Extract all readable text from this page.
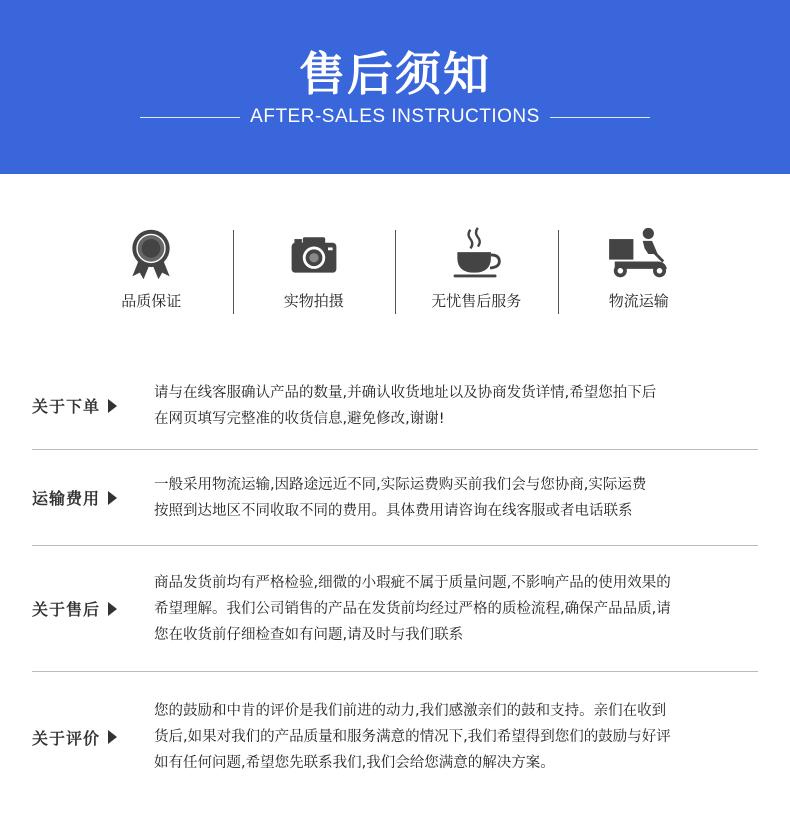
售后须知
AFTER-SALES INSTRUCTIONS
品质保证	实物拍摄	无忧售后服务	物流运输
关于下单
请与在线客服确认产品的数量,并确认收货地址以及协商发货详情,希望您拍下后
在网页填写完整准的收货信息,避免修改,谢谢!
运输费用
一般采用物流运输,因路途远近不同,实际运费购买前我们会与您协商,实际运费
按照到达地区不同收取不同的费用。具体费用请咨询在线客服或者电话联系
关于售后
商品发货前均有严格检验,细微的小瑕疵不属于质量问题,不影响产品的使用效果的
希望理解。我们公司销售的产品在发货前均经过严格的质检流程,确保产品品质,请
您在收货前仔细检查如有问题,请及时与我们联系
关于评价
您的鼓励和中肯的评价是我们前进的动力,我们感激亲们的鼓和支持。亲们在收到
货后,如果对我们的产品质量和服务满意的情况下,我们希望得到您们的鼓励与好评
如有任何问题,希望您先联系我们,我们会给您满意的解决方案。
